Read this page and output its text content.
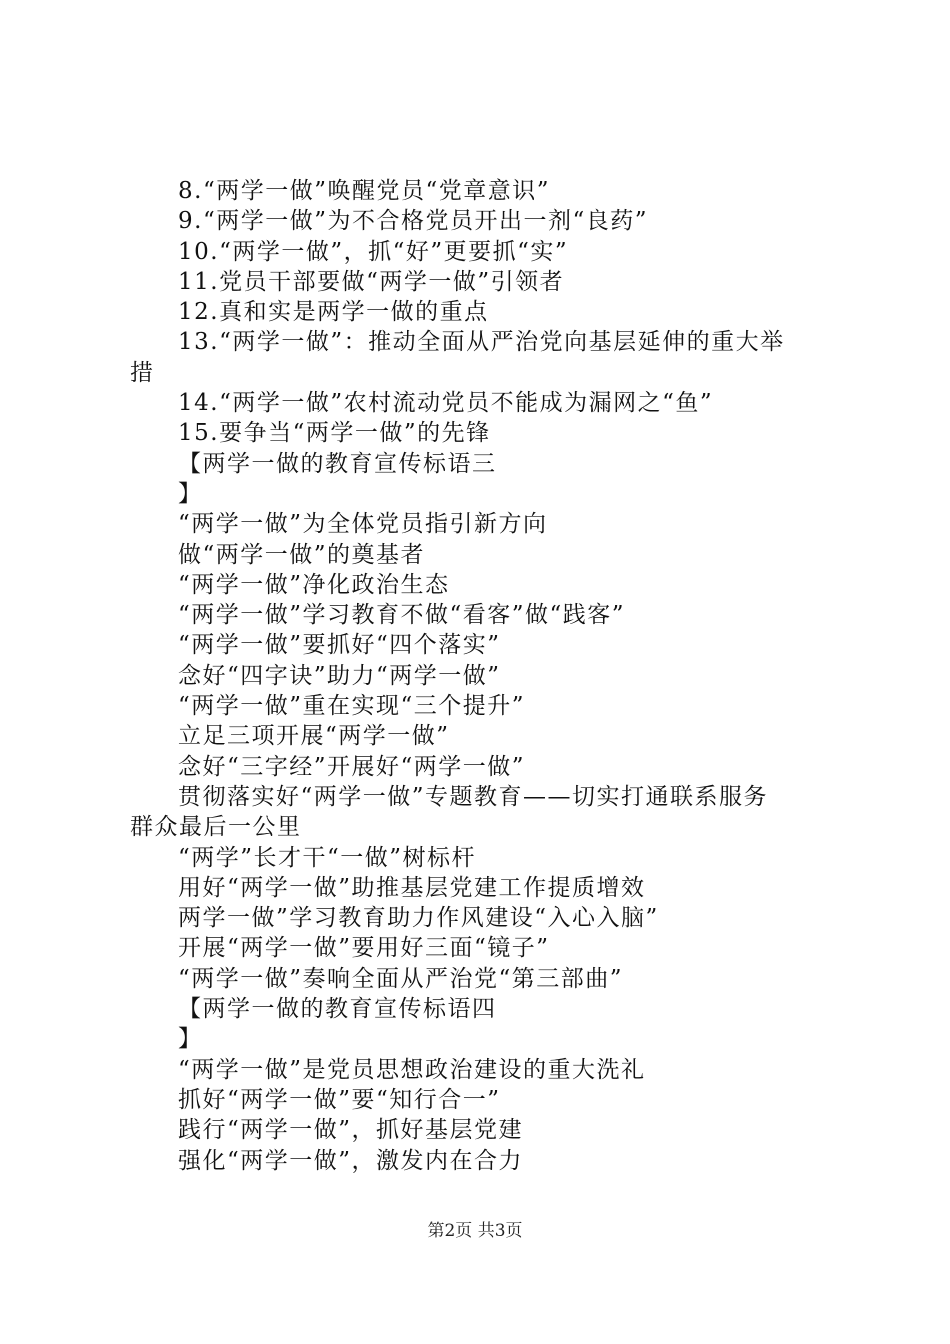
8.“两学一做”唤醒党员“党章意识”
9.“两学一做”为不合格党员开出一剂“良药”
10.“两学一做”，抓“好”更要抓“实”
11.党员干部要做“两学一做”引领者
12.真和实是两学一做的重点
13.“两学一做”：推动全面从严治党向基层延伸的重大举
措
14.“两学一做”农村流动党员不能成为漏网之“鱼”
15.要争当“两学一做”的先锋
【两学一做的教育宣传标语三
】
“两学一做”为全体党员指引新方向
做“两学一做”的奠基者
“两学一做”净化政治生态
“两学一做”学习教育不做“看客”做“践客”
“两学一做”要抓好“四个落实”
念好“四字诀”助力“两学一做”
“两学一做”重在实现“三个提升”
立足三项开展“两学一做”
念好“三字经”开展好“两学一做”
贯彻落实好“两学一做”专题教育——切实打通联系服务
群众最后一公里
“两学”长才干“一做”树标杆
用好“两学一做”助推基层党建工作提质增效
两学一做”学习教育助力作风建设“入心入脑”
开展“两学一做”要用好三面“镜子”
“两学一做”奏响全面从严治党“第三部曲”
【两学一做的教育宣传标语四
】
“两学一做”是党员思想政治建设的重大洗礼
抓好“两学一做”要“知行合一”
践行“两学一做”，抓好基层党建
强化“两学一做”，激发内在合力
第2页 共3页
